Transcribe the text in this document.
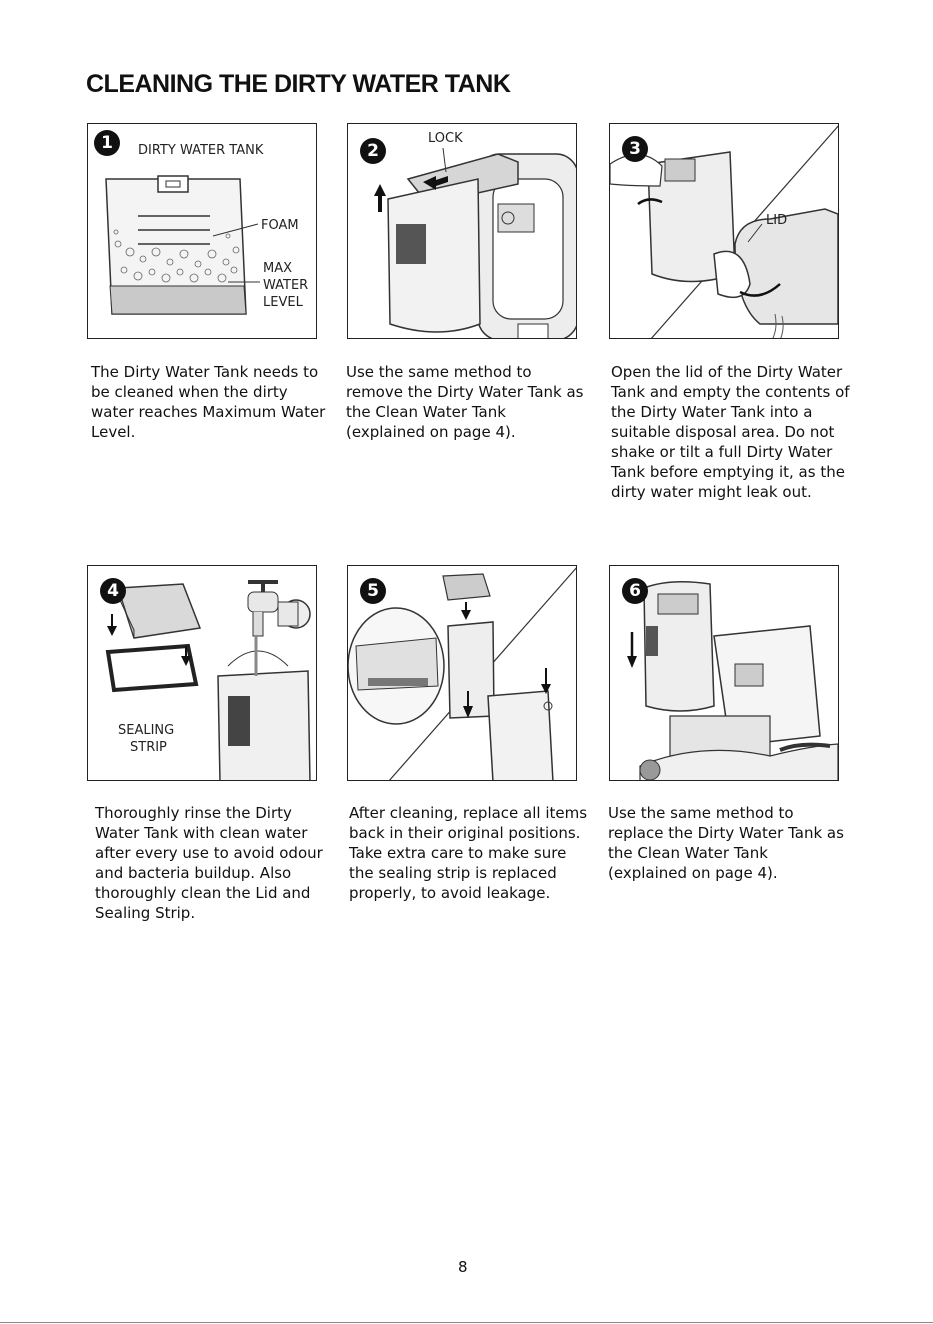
CLEANING THE DIRTY WATER TANK
1	DIRTY WATER TANK
FOAM
MAX
WATER
LEVEL

The Dirty Water Tank needs to be cleaned when the dirty water reaches Maximum Water Level.

2
LOCK

Use the same method to remove the Dirty Water Tank as the Clean Water Tank (explained on page 4).

3
LID

Open the lid of the Dirty Water Tank and empty the contents of the Dirty Water Tank into a suitable disposal area. Do not shake or tilt a full Dirty Water Tank before emptying it, as the dirty water might leak out.

4
SEALING
STRIP

Thoroughly rinse the Dirty Water Tank with clean water after every use to avoid odour and bacteria buildup. Also thoroughly clean the Lid and Sealing Strip.

5

After cleaning, replace all items back in their original positions. Take extra care to make sure the sealing strip is replaced properly, to avoid leakage.

6

Use the same method to replace the Dirty Water Tank as the Clean Water Tank (explained on page 4).

8
